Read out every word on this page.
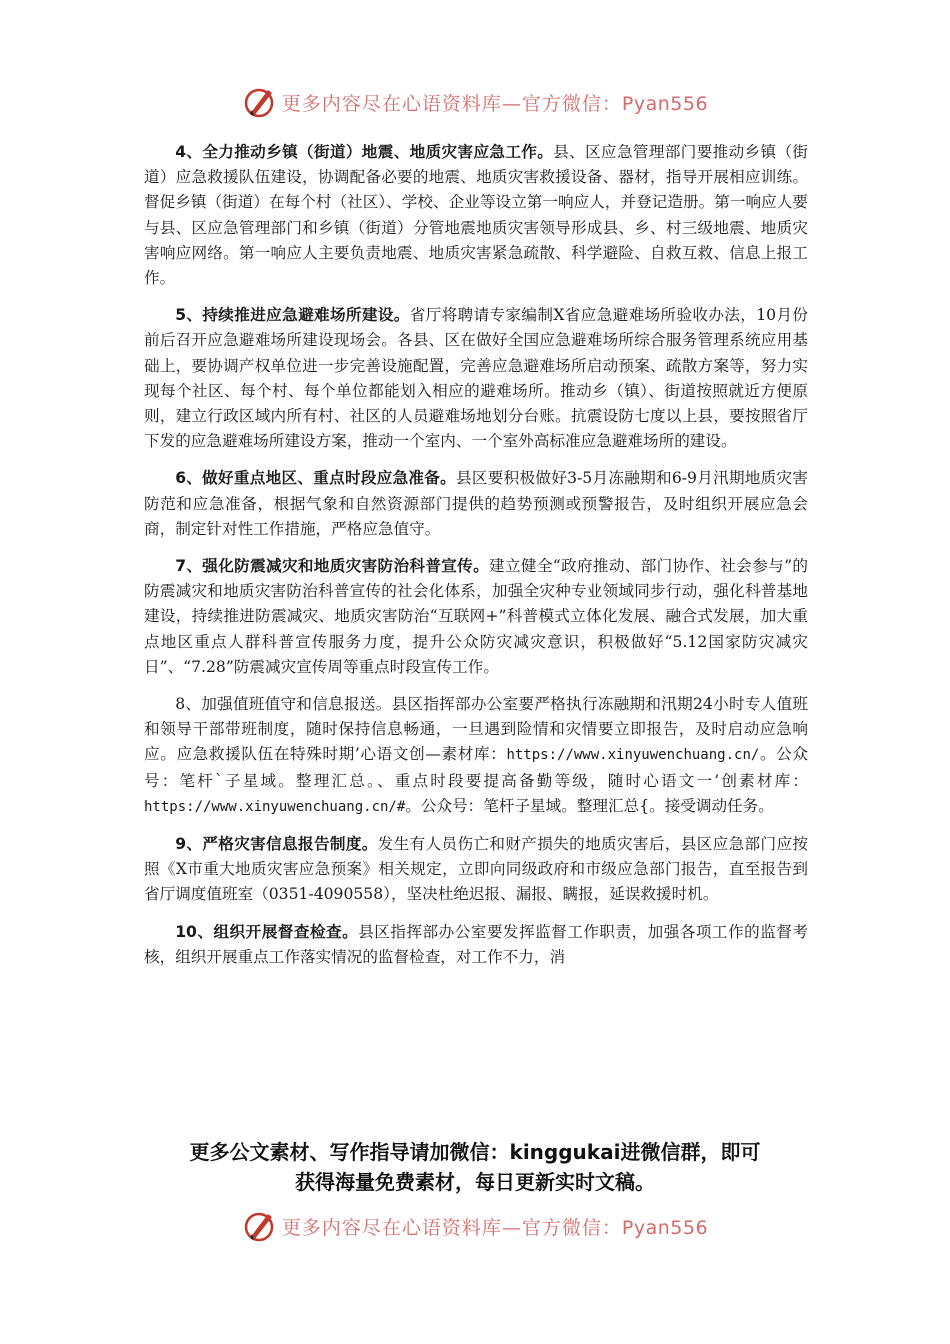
更多内容尽在心语资料库—官方微信：Pyan556

4、全力推动乡镇（街道）地震、地质灾害应急工作。县、区应急管理部门要推动乡镇（街道）应急救援队伍建设，协调配备必要的地震、地质灾害救援设备、器材，指导开展相应训练。督促乡镇（街道）在每个村（社区）、学校、企业等设立第一响应人，并登记造册。第一响应人要与县、区应急管理部门和乡镇（街道）分管地震地质灾害领导形成县、乡、村三级地震、地质灾害响应网络。第一响应人主要负责地震、地质灾害紧急疏散、科学避险、自救互救、信息上报工作。

5、持续推进应急避难场所建设。省厅将聘请专家编制X省应急避难场所验收办法，10月份前后召开应急避难场所建设现场会。各县、区在做好全国应急避难场所综合服务管理系统应用基础上，要协调产权单位进一步完善设施配置，完善应急避难场所启动预案、疏散方案等，努力实现每个社区、每个村、每个单位都能划入相应的避难场所。推动乡（镇）、街道按照就近方便原则，建立行政区域内所有村、社区的人员避难场地划分台账。抗震设防七度以上县，要按照省厅下发的应急避难场所建设方案，推动一个室内、一个室外高标准应急避难场所的建设。

6、做好重点地区、重点时段应急准备。县区要积极做好3-5月冻融期和6-9月汛期地质灾害防范和应急准备，根据气象和自然资源部门提供的趋势预测或预警报告，及时组织开展应急会商，制定针对性工作措施，严格应急值守。

7、强化防震减灾和地质灾害防治科普宣传。建立健全“政府推动、部门协作、社会参与”的防震减灾和地质灾害防治科普宣传的社会化体系，加强全灾种专业领域同步行动，强化科普基地建设，持续推进防震减灾、地质灾害防治“互联网+”科普模式立体化发展、融合式发展，加大重点地区重点人群科普宣传服务力度，提升公众防灾减灾意识，积极做好“5.12国家防灾减灾日”、“7.28”防震减灾宣传周等重点时段宣传工作。

8、加强值班值守和信息报送。县区指挥部办公室要严格执行冻融期和汛期24小时专人值班和领导干部带班制度，随时保持信息畅通，一旦遇到险情和灾情要立即报告，及时启动应急响应。应急救援队伍在特殊时期’心语文创—素材库：https://www.xinyuwenchuang.cn/。公众号：笔杆`子星域。整理汇总。、重点时段要提高备勤等级，随时心语文一’创素材库：https://www.xinyuwenchuang.cn/#。公众号：笔杆子星域。整理汇总{。接受调动任务。

9、严格灾害信息报告制度。发生有人员伤亡和财产损失的地质灾害后，县区应急部门应按照《X市重大地质灾害应急预案》相关规定，立即向同级政府和市级应急部门报告，直至报告到省厅调度值班室（0351-4090558），坚决杜绝迟报、漏报、瞒报，延误救援时机。

10、组织开展督查检查。县区指挥部办公室要发挥监督工作职责，加强各项工作的监督考核，组织开展重点工作落实情况的监督检查，对工作不力，消

更多公文素材、写作指导请加微信：kinggukai进微信群，即可
获得海量免费素材，每日更新实时文稿。
更多内容尽在心语资料库—官方微信：Pyan556
